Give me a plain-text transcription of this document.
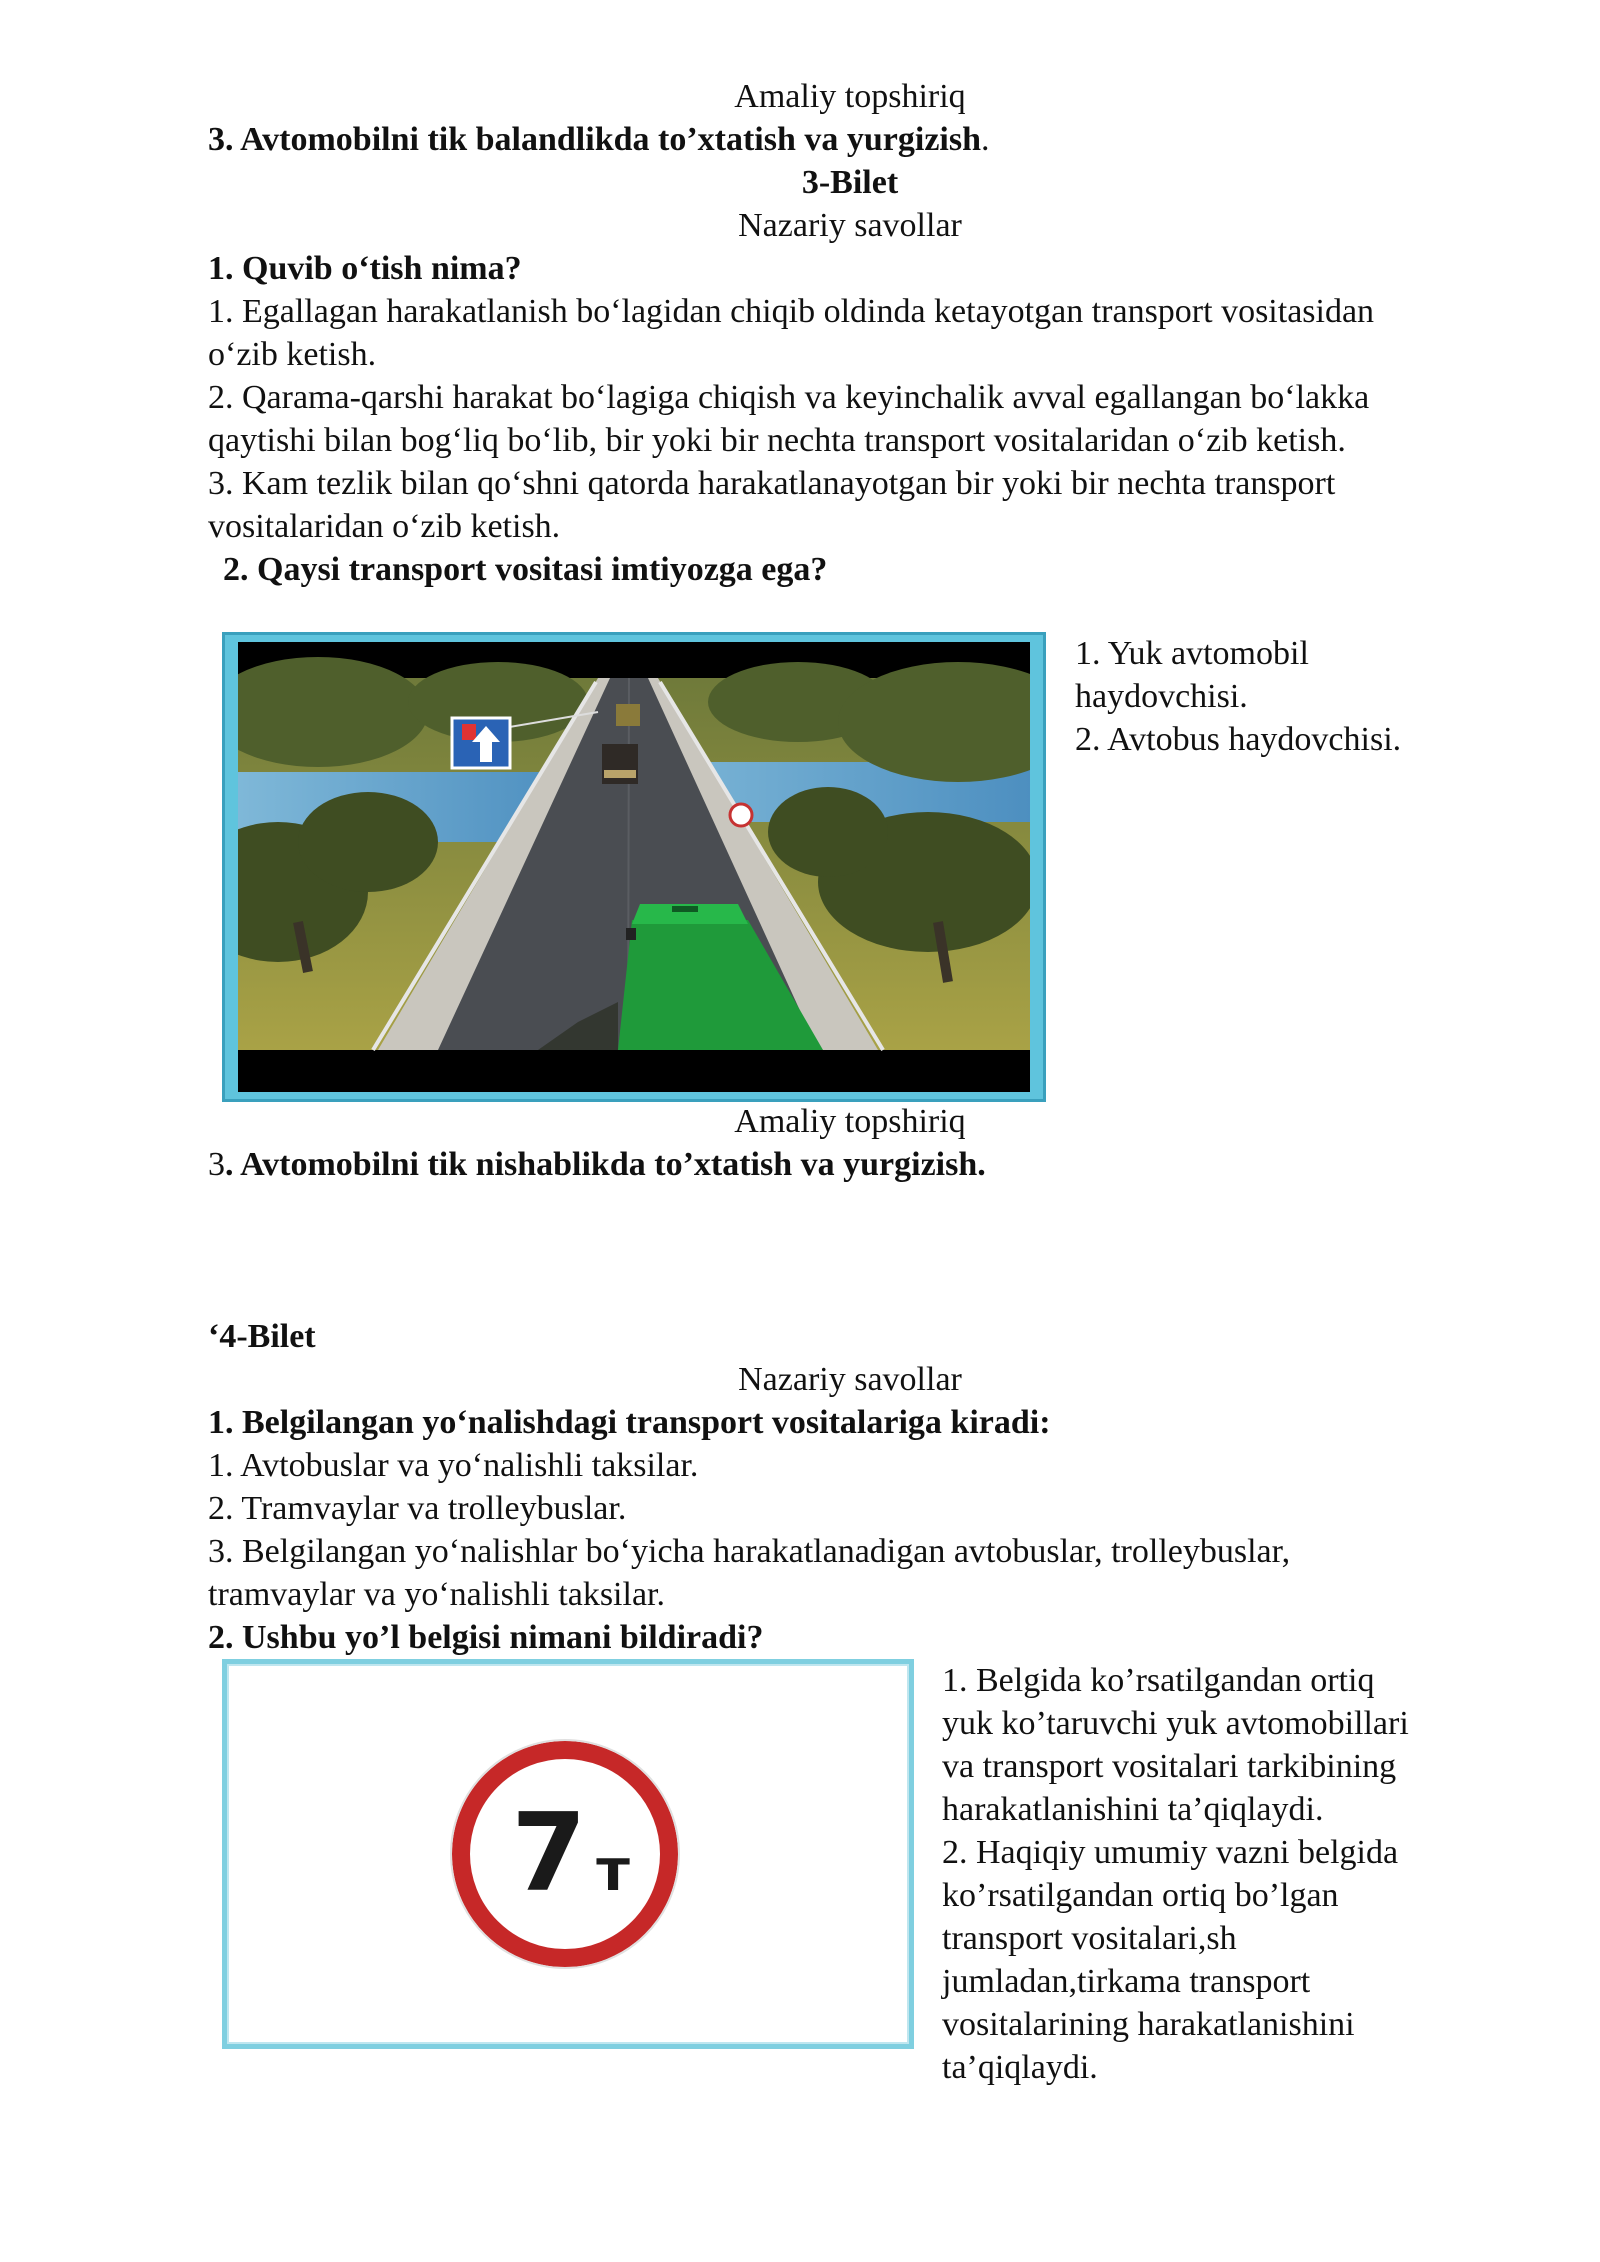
Amaliy topshiriq
3. Avtomobilni tik balandlikda to’xtatish va yurgizish.
3-Bilet
Nazariy savollar
1. Quvib o‘tish nima?
1. Egallagan harakatlanish bo‘lagidan chiqib oldinda ketayotgan transport vositasidan
o‘zib ketish.
2. Qarama-qarshi harakat bo‘lagiga chiqish va keyinchalik avval egallangan bo‘lakka
qaytishi bilan bog‘liq bo‘lib, bir yoki bir nechta transport vositalaridan o‘zib ketish.
3. Kam tezlik bilan qo‘shni qatorda harakatlanayotgan bir yoki bir nechta transport
vositalaridan o‘zib ketish.
2. Qaysi transport vositasi imtiyozga ega?
1. Yuk avtomobil
haydovchisi.
2. Avtobus haydovchisi.
Amaliy topshiriq
3. Avtomobilni tik nishablikda to’xtatish va yurgizish.
‘4-Bilet
Nazariy savollar
1. Belgilangan yo‘nalishdagi transport vositalariga kiradi:
1. Avtobuslar va yo‘nalishli taksilar.
2. Tramvaylar va trolleybuslar.
3. Belgilangan yo‘nalishlar bo‘yicha harakatlanadigan avtobuslar, trolleybuslar,
tramvaylar va yo‘nalishli taksilar.
2. Ushbu yo’l belgisi nimani bildiradi?
7 т
1. Belgida ko’rsatilgandan ortiq
yuk ko’taruvchi yuk avtomobillari
va transport vositalari tarkibining
harakatlanishini ta’qiqlaydi.
2. Haqiqiy umumiy vazni belgida
ko’rsatilgandan ortiq bo’lgan
transport vositalari,sh
jumladan,tirkama transport
vositalarining harakatlanishini
ta’qiqlaydi.
